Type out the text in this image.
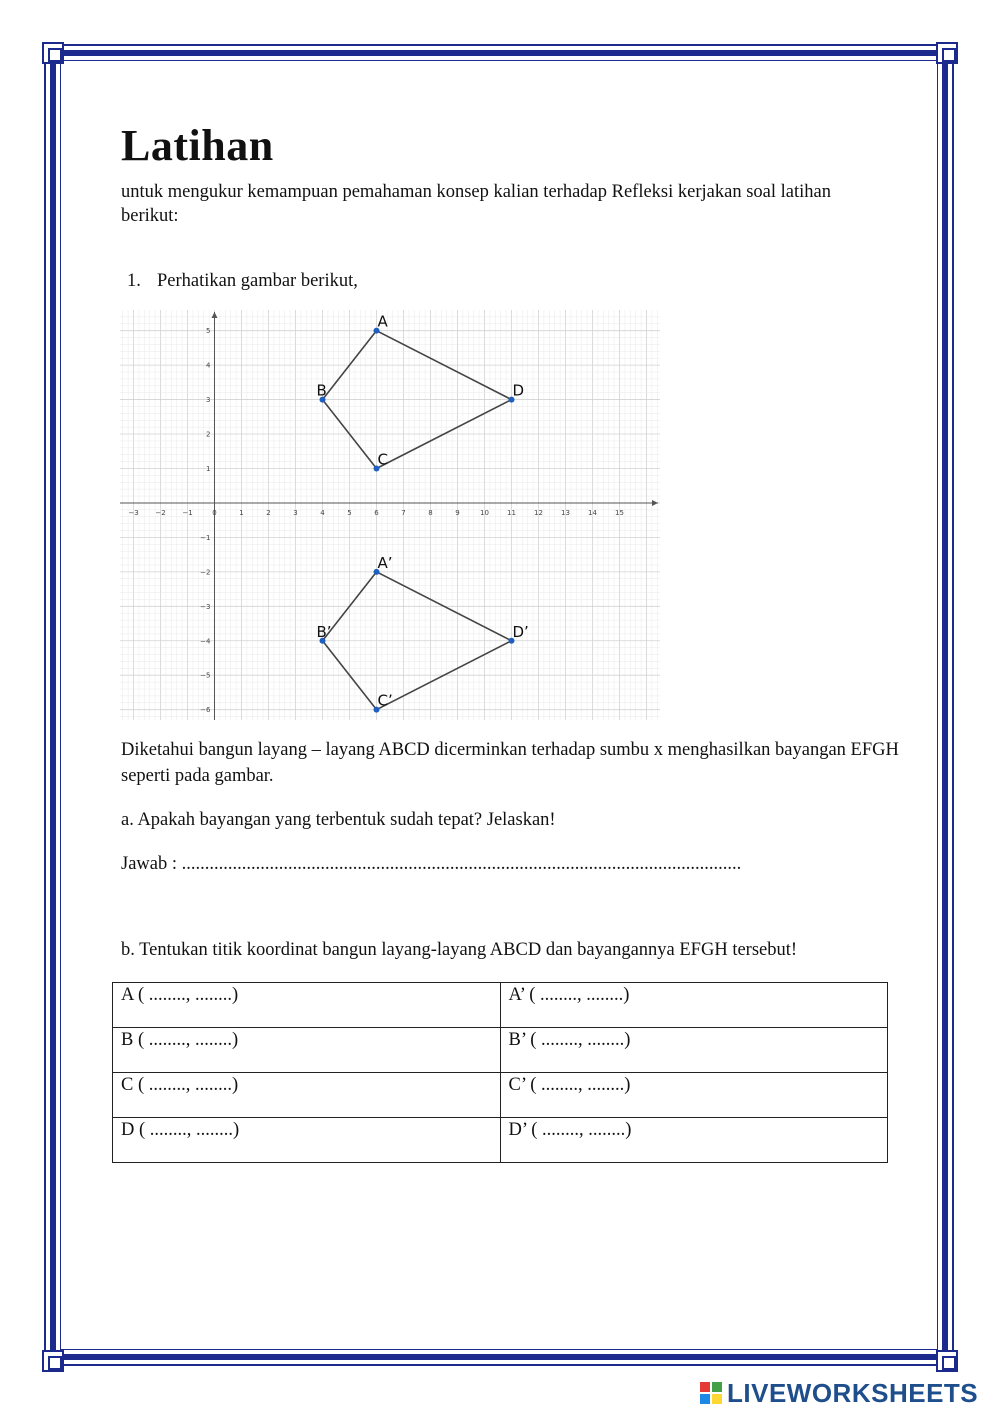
Latihan
untuk mengukur kemampuan pemahaman konsep kalian terhadap Refleksi kerjakan soal latihan berikut:
1. Perhatikan gambar berikut,
−3 −2 −1	0	1	2	3	4	5	6	7	8	9	10	11	12	13	14	15
−6
−5
−4
−3
−2
−1
1
2
3
4
5
A
D
C
B
A’
D’
C’
B’
Diketahui bangun layang – layang ABCD dicerminkan terhadap sumbu x menghasilkan bayangan EFGH seperti pada gambar.
a. Apakah bayangan yang terbentuk sudah tepat? Jelaskan!
Jawab : .........................................................................................................................
b. Tentukan titik koordinat bangun layang-layang ABCD dan bayangannya EFGH tersebut!
A ( ........, ........)	A’ ( ........, ........)
B ( ........, ........)	B’ ( ........, ........)
C ( ........, ........)	C’ ( ........, ........)
D ( ........, ........)	D’ ( ........, ........)
LIVEWORKSHEETS
